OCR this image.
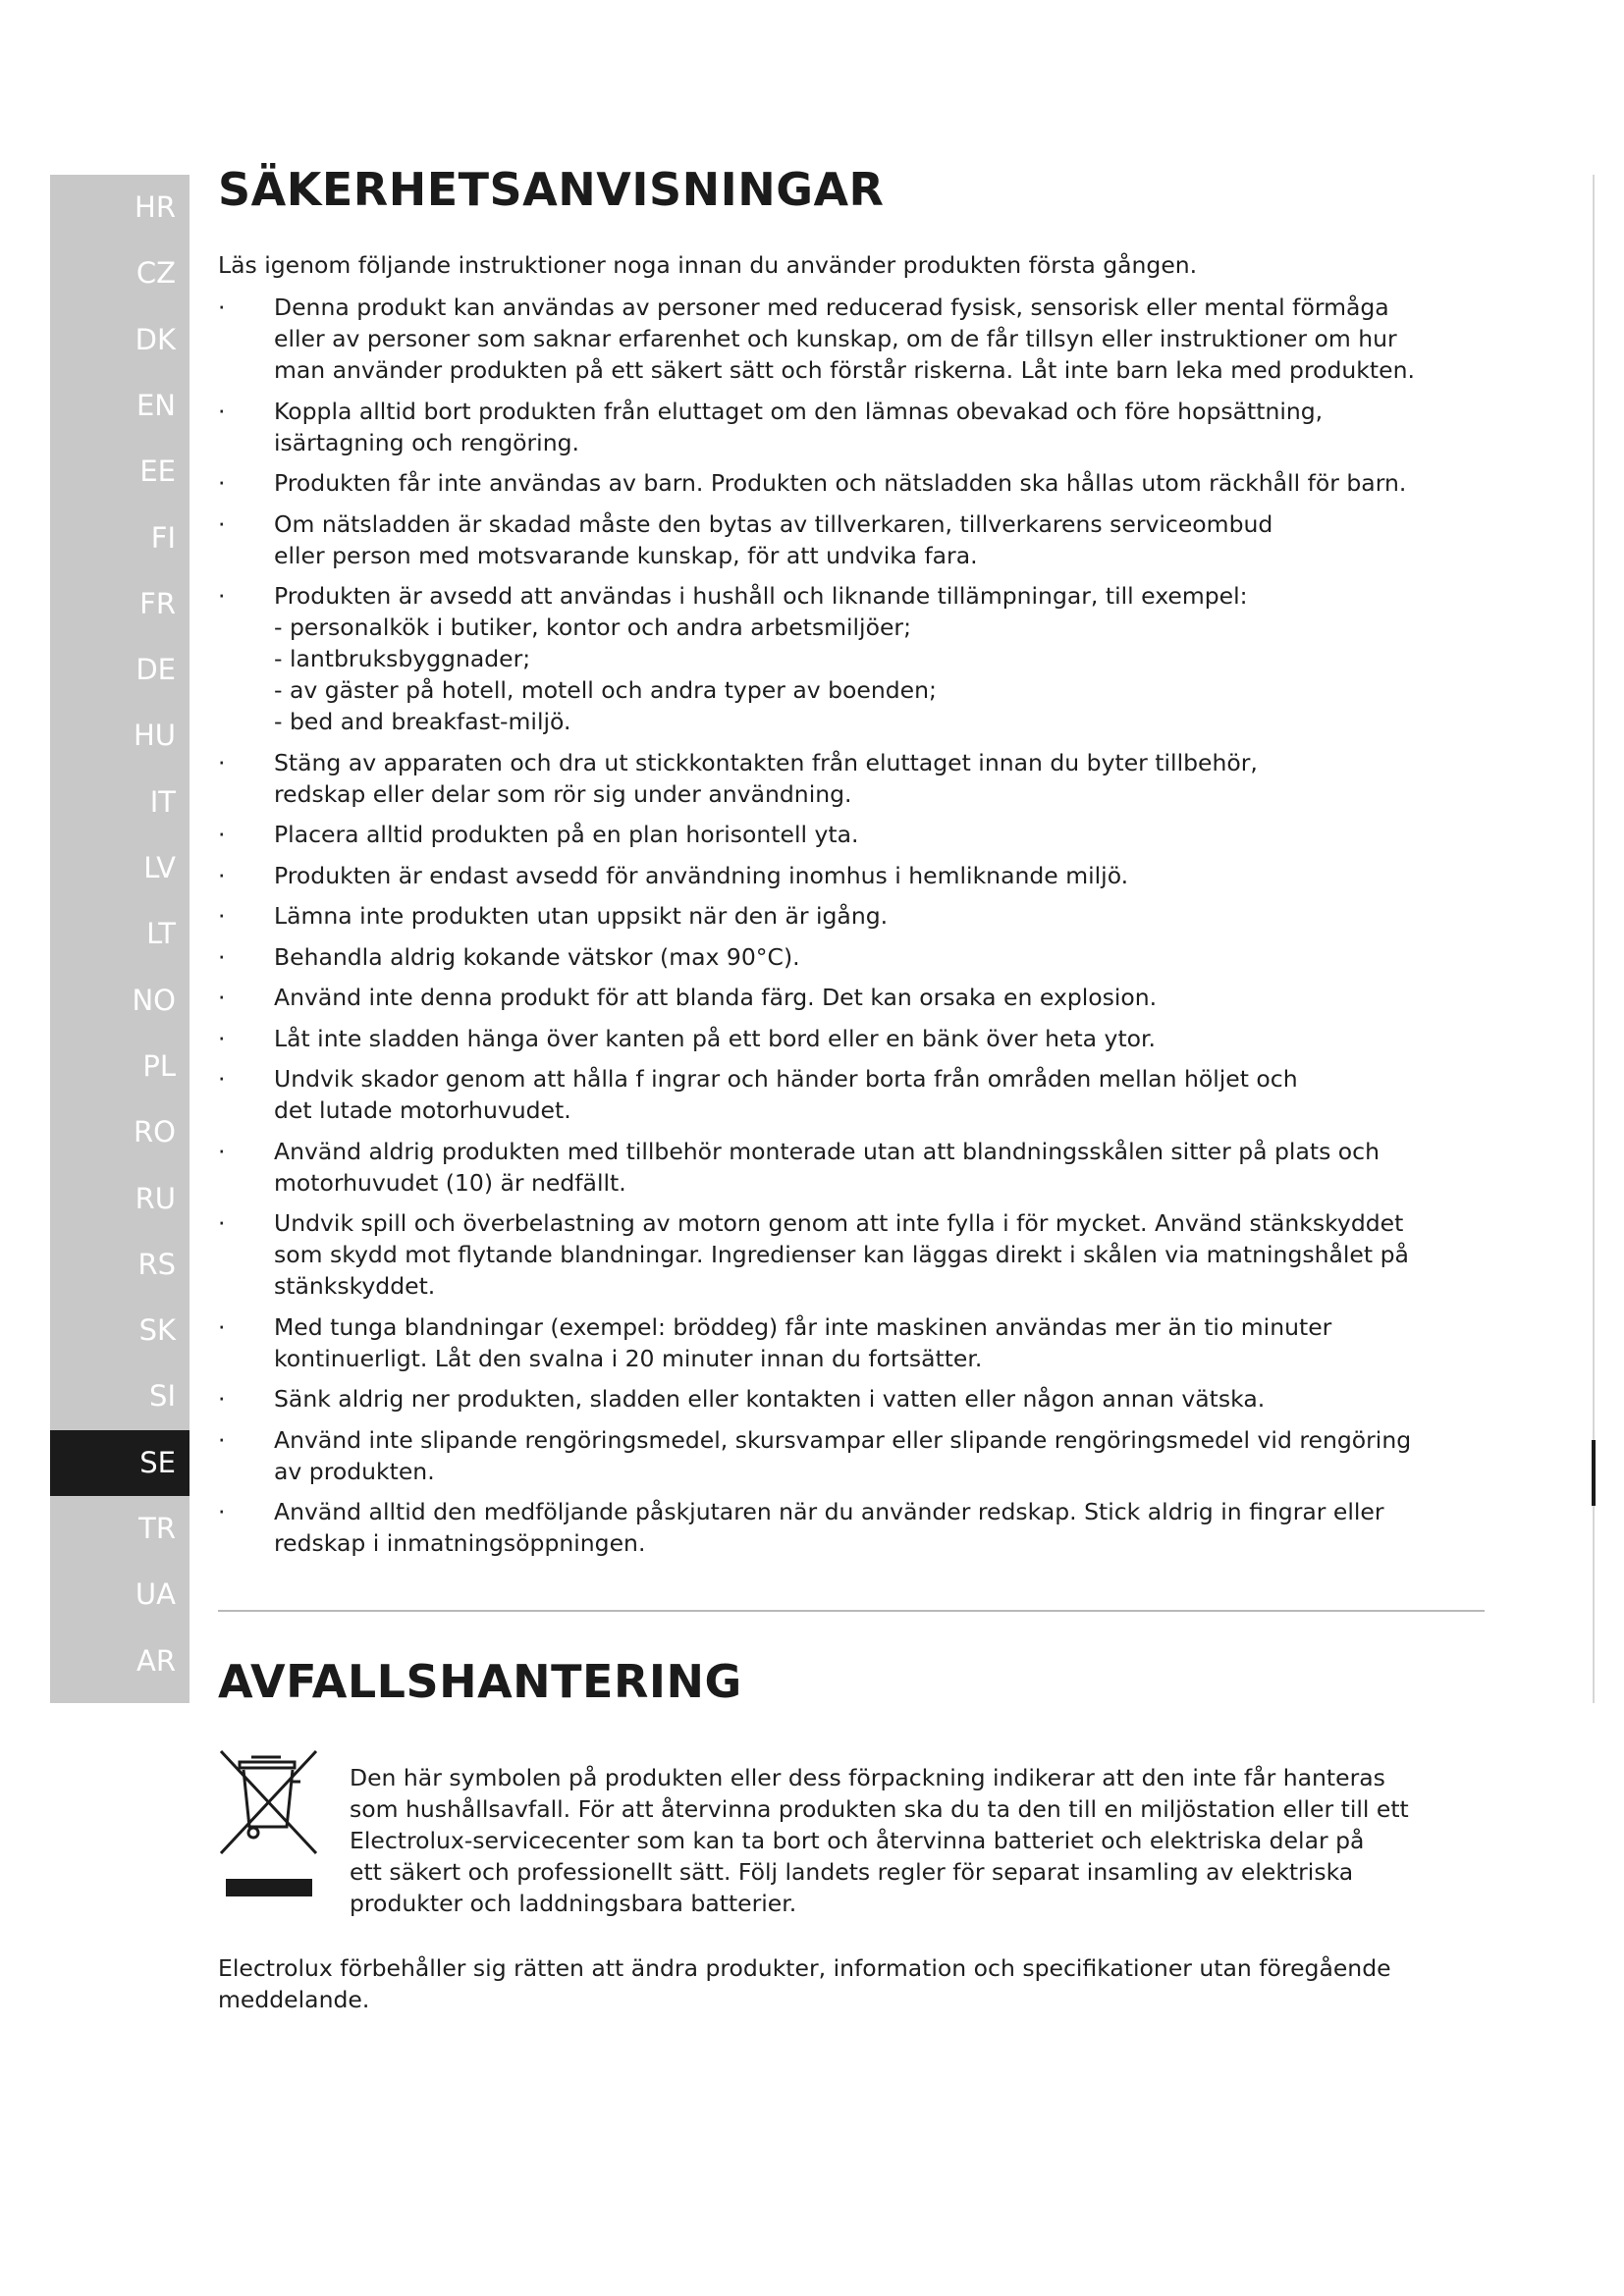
HR
CZ
DK
EN
EE
FI
FR
DE
HU
IT
LV
LT
NO
PL
RO
RU
RS
SK
SI
SE
TR
UA
AR
SÄKERHETSANVISNINGAR

Läs igenom följande instruktioner noga innan du använder produkten första gången.

· Denna produkt kan användas av personer med reducerad fysisk, sensorisk eller mental förmåga
eller av personer som saknar erfarenhet och kunskap, om de får tillsyn eller instruktioner om hur
man använder produkten på ett säkert sätt och förstår riskerna. Låt inte barn leka med produkten.
· Koppla alltid bort produkten från eluttaget om den lämnas obevakad och före hopsättning,
isärtagning och rengöring.
· Produkten får inte användas av barn. Produkten och nätsladden ska hållas utom räckhåll för barn.
· Om nätsladden är skadad måste den bytas av tillverkaren, tillverkarens serviceombud
eller person med motsvarande kunskap, för att undvika fara.
· Produkten är avsedd att användas i hushåll och liknande tillämpningar, till exempel:
- personalkök i butiker, kontor och andra arbetsmiljöer;
- lantbruksbyggnader;
- av gäster på hotell, motell och andra typer av boenden;
- bed and breakfast-miljö.
· Stäng av apparaten och dra ut stickkontakten från eluttaget innan du byter tillbehör,
redskap eller delar som rör sig under användning.
· Placera alltid produkten på en plan horisontell yta.
· Produkten är endast avsedd för användning inomhus i hemliknande miljö.
· Lämna inte produkten utan uppsikt när den är igång.
· Behandla aldrig kokande vätskor (max 90°C).
· Använd inte denna produkt för att blanda färg. Det kan orsaka en explosion.
· Låt inte sladden hänga över kanten på ett bord eller en bänk över heta ytor.
· Undvik skador genom att hålla f ingrar och händer borta från områden mellan höljet och
det lutade motorhuvudet.
· Använd aldrig produkten med tillbehör monterade utan att blandningsskålen sitter på plats och
motorhuvudet (10) är nedfällt.
· Undvik spill och överbelastning av motorn genom att inte fylla i för mycket. Använd stänkskyddet
som skydd mot flytande blandningar. Ingredienser kan läggas direkt i skålen via matningshålet på
stänkskyddet.
· Med tunga blandningar (exempel: bröddeg) får inte maskinen användas mer än tio minuter
kontinuerligt. Låt den svalna i 20 minuter innan du fortsätter.
· Sänk aldrig ner produkten, sladden eller kontakten i vatten eller någon annan vätska.
· Använd inte slipande rengöringsmedel, skursvampar eller slipande rengöringsmedel vid rengöring
av produkten.
· Använd alltid den medföljande påskjutaren när du använder redskap. Stick aldrig in fingrar eller
redskap i inmatningsöppningen.
AVFALLSHANTERING

Den här symbolen på produkten eller dess förpackning indikerar att den inte får hanteras
som hushållsavfall. För att återvinna produkten ska du ta den till en miljöstation eller till ett
Electrolux-servicecenter som kan ta bort och återvinna batteriet och elektriska delar på
ett säkert och professionellt sätt. Följ landets regler för separat insamling av elektriska
produkter och laddningsbara batterier.

Electrolux förbehåller sig rätten att ändra produkter, information och specifikationer utan föregående
meddelande.
